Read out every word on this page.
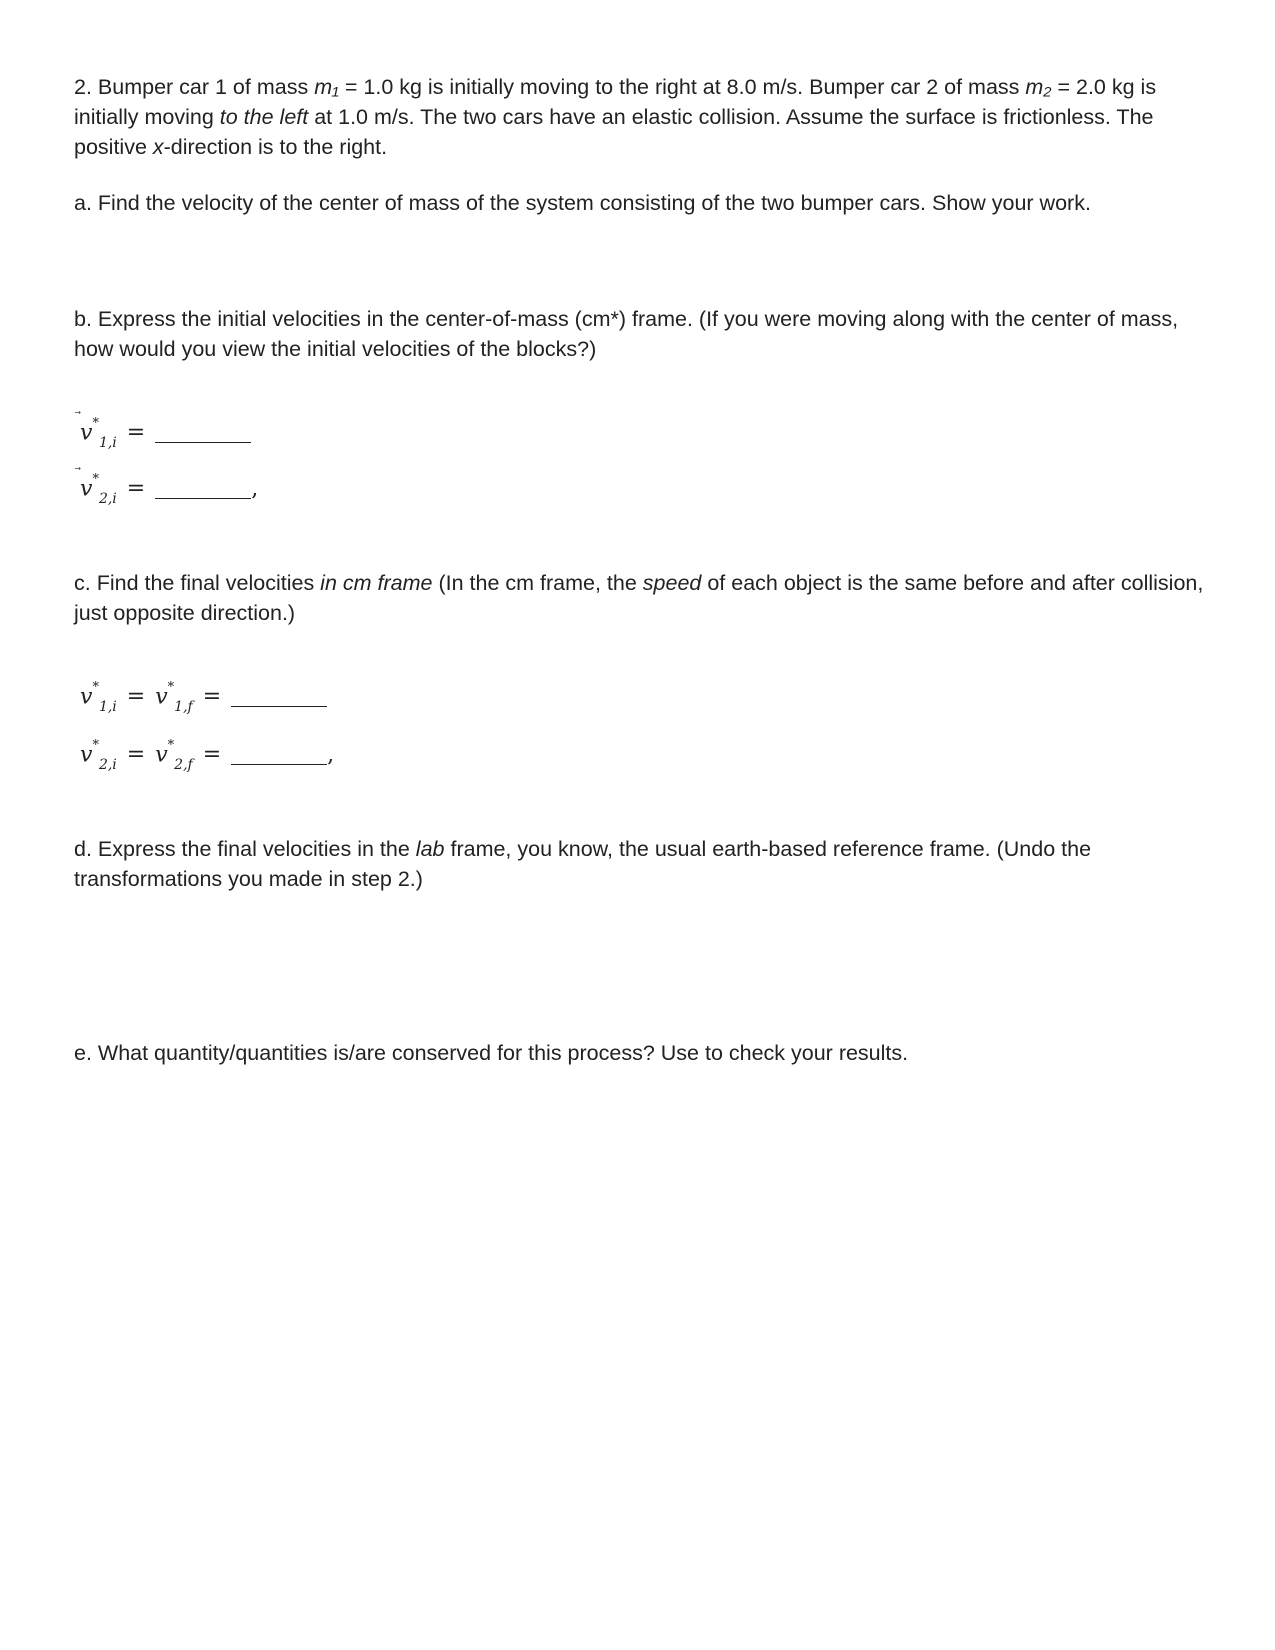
2. Bumper car 1 of mass m₁ = 1.0 kg is initially moving to the right at 8.0 m/s. Bumper car 2 of mass m₂ = 2.0 kg is initially moving to the left at 1.0 m/s. The two cars have an elastic collision. Assume the surface is frictionless. The positive x-direction is to the right.
a. Find the velocity of the center of mass of the system consisting of the two bumper cars. Show your work.
b. Express the initial velocities in the center-of-mass (cm*) frame. (If you were moving along with the center of mass, how would you view the initial velocities of the blocks?)
$v^*_{1,i}$ =
$v^*_{2,i}$ =	,
c. Find the final velocities in cm frame (In the cm frame, the speed of each object is the same before and after collision, just opposite direction.)
$v^*_{1,i} = v^*_{1,f}$ =
$v^*_{2,i} = v^*_{2,f}$ =	,
d. Express the final velocities in the lab frame, you know, the usual earth-based reference frame. (Undo the transformations you made in step 2.)
e. What quantity/quantities is/are conserved for this process? Use to check your results.
